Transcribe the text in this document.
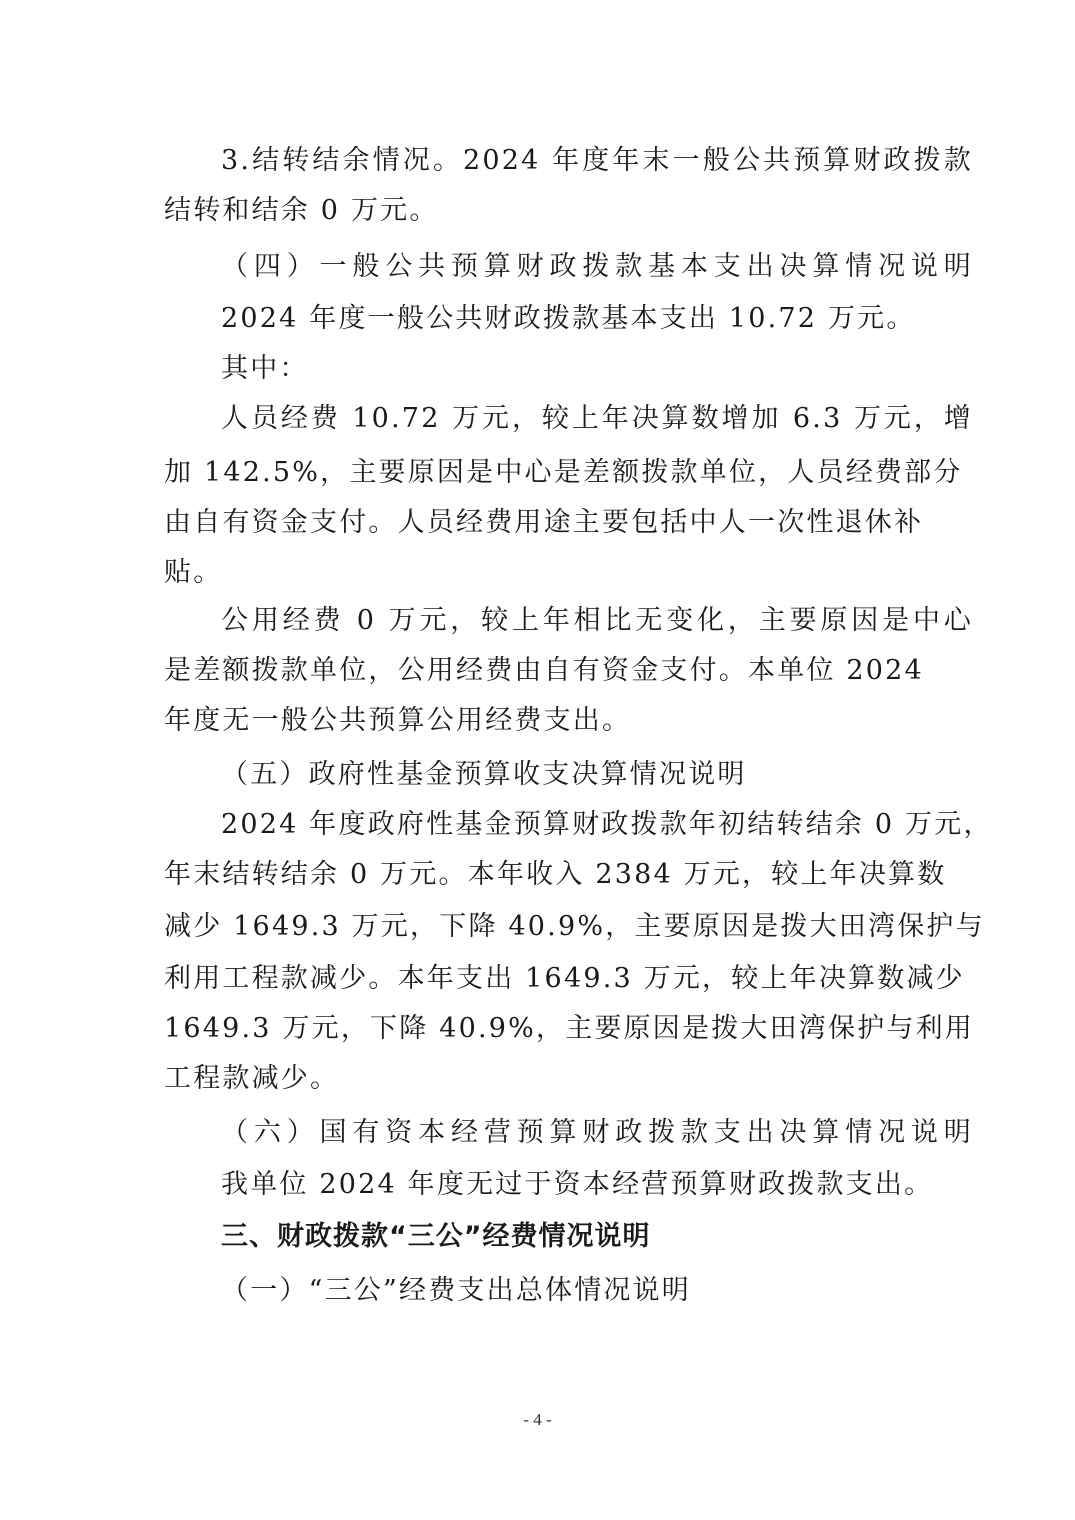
3.结转结余情况。2024 年度年末一般公共预算财政拨款
结转和结余 0 万元。
（四）一般公共预算财政拨款基本支出决算情况说明
2024 年度一般公共财政拨款基本支出 10.72 万元。
其中：
人员经费 10.72 万元，较上年决算数增加 6.3 万元，增
加 142.5%，主要原因是中心是差额拨款单位，人员经费部分
由自有资金支付。人员经费用途主要包括中人一次性退休补
贴。
公用经费 0 万元，较上年相比无变化，主要原因是中心
是差额拨款单位，公用经费由自有资金支付。本单位 2024
年度无一般公共预算公用经费支出。
（五）政府性基金预算收支决算情况说明
2024 年度政府性基金预算财政拨款年初结转结余 0 万元，
年末结转结余 0 万元。本年收入 2384 万元，较上年决算数
减少 1649.3 万元，下降 40.9%，主要原因是拨大田湾保护与
利用工程款减少。本年支出 1649.3 万元，较上年决算数减少
1649.3 万元，下降 40.9%，主要原因是拨大田湾保护与利用
工程款减少。
（六）国有资本经营预算财政拨款支出决算情况说明
我单位 2024 年度无过于资本经营预算财政拨款支出。
三、财政拨款“三公”经费情况说明
（一）“三公”经费支出总体情况说明
- 4 -
